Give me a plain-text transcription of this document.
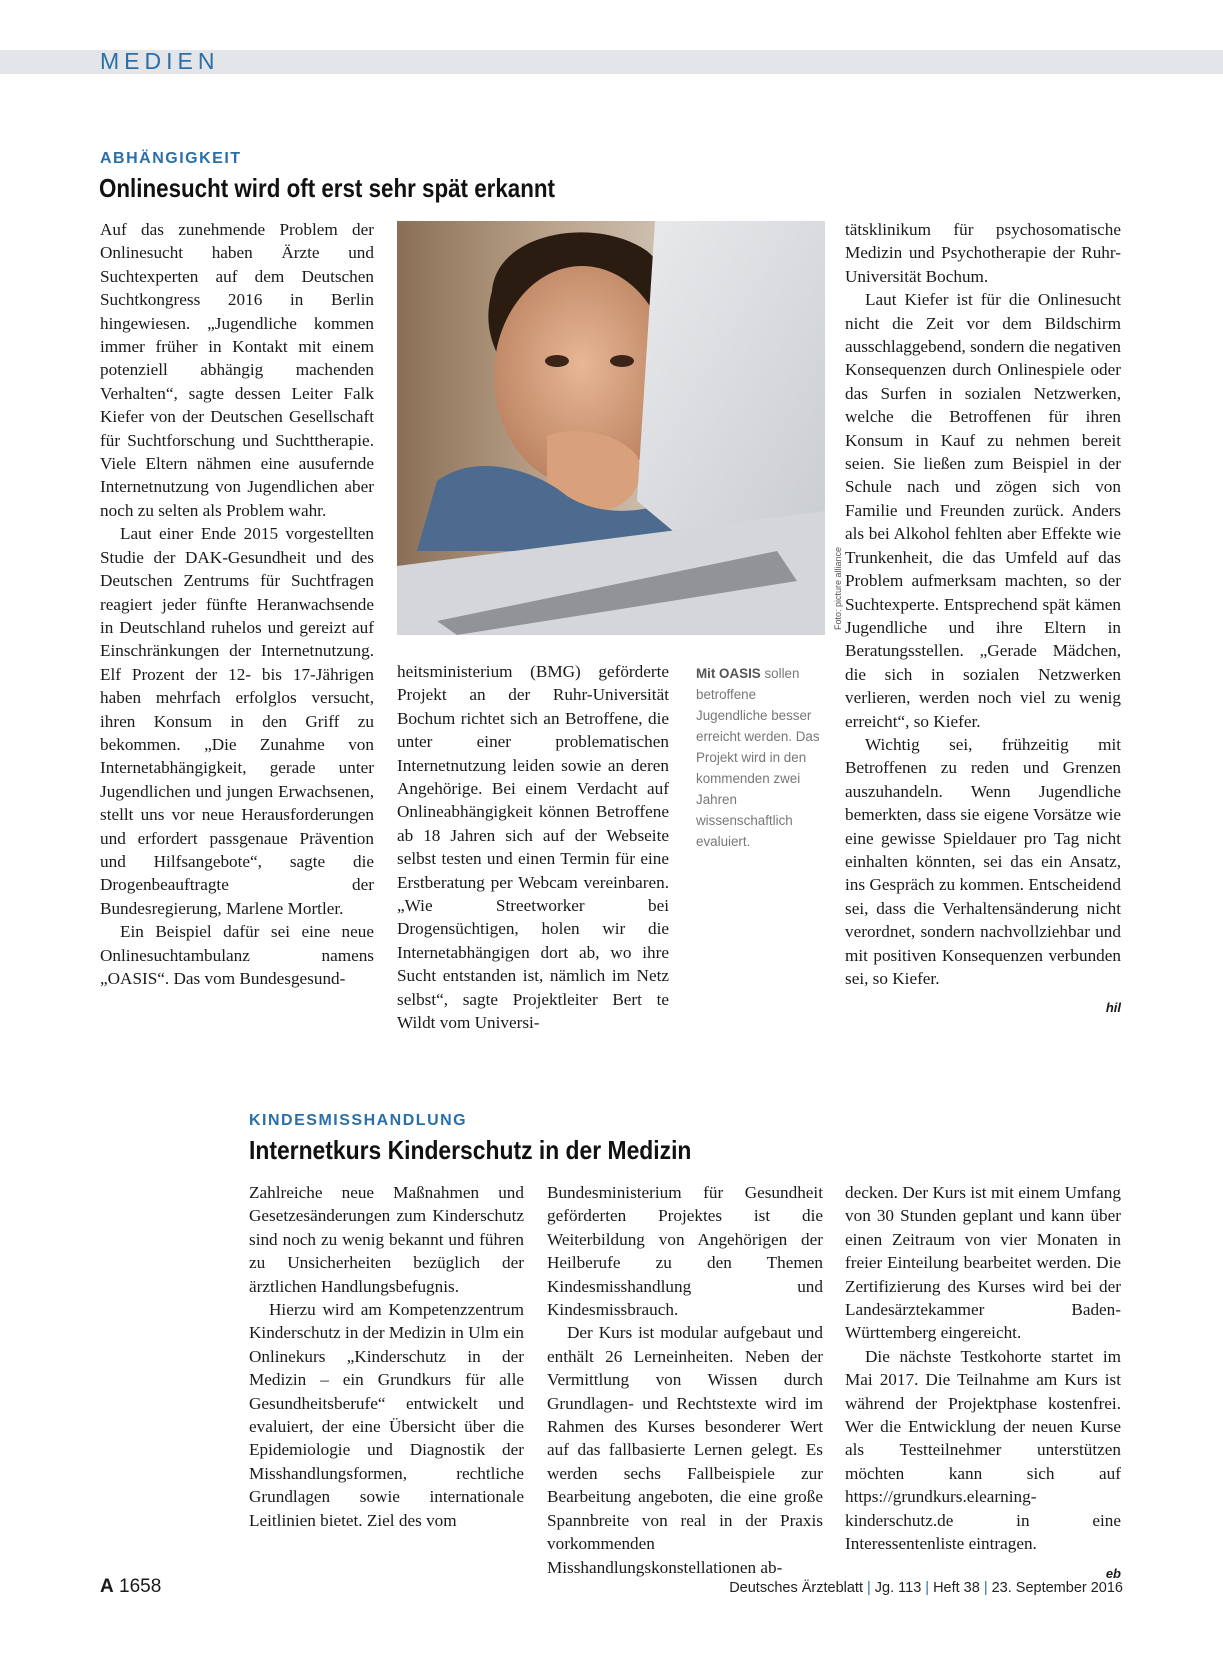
MEDIEN
ABHÄNGIGKEIT
Onlinesucht wird oft erst sehr spät erkannt

Auf das zunehmende Problem der Onlinesucht haben Ärzte und Suchtexperten auf dem Deutschen Suchtkongress 2016 in Berlin hingewiesen. „Jugendliche kommen immer früher in Kontakt mit einem potenziell abhängig machenden Verhalten“, sagte dessen Leiter Falk Kiefer von der Deutschen Gesellschaft für Suchtforschung und Suchttherapie. Viele Eltern nähmen eine ausufernde Internetnutzung von Jugendlichen aber noch zu selten als Problem wahr.

Laut einer Ende 2015 vorgestellten Studie der DAK-Gesundheit und des Deutschen Zentrums für Suchtfragen reagiert jeder fünfte Heranwachsende in Deutschland ruhelos und gereizt auf Einschränkungen der Internetnutzung. Elf Prozent der 12- bis 17-Jährigen haben mehrfach erfolglos versucht, ihren Konsum in den Griff zu bekommen. „Die Zunahme von Internetabhängigkeit, gerade unter Jugendlichen und jungen Erwachsenen, stellt uns vor neue Herausforderungen und erfordert passgenaue Prävention und Hilfsangebote“, sagte die Drogenbeauftragte der Bundesregierung, Marlene Mortler.

Ein Beispiel dafür sei eine neue Onlinesuchtambulanz namens „OASIS“. Das vom Bundesgesund-

Foto: picture alliance

heitsministerium (BMG) geförderte Projekt an der Ruhr-Universität Bochum richtet sich an Betroffene, die unter einer problematischen Internetnutzung leiden sowie an deren Angehörige. Bei einem Verdacht auf Onlineabhängigkeit können Betroffene ab 18 Jahren sich auf der Webseite selbst testen und einen Termin für eine Erstberatung per Webcam vereinbaren. „Wie Streetworker bei Drogensüchtigen, holen wir die Internetabhängigen dort ab, wo ihre Sucht entstanden ist, nämlich im Netz selbst“, sagte Projektleiter Bert te Wildt vom Universi-

Mit OASIS sollen betroffene Jugendliche besser erreicht werden. Das Projekt wird in den kommenden zwei Jahren wissenschaftlich evaluiert.

tätsklinikum für psychosomatische Medizin und Psychotherapie der Ruhr-Universität Bochum.

Laut Kiefer ist für die Onlinesucht nicht die Zeit vor dem Bildschirm ausschlaggebend, sondern die negativen Konsequenzen durch Onlinespiele oder das Surfen in sozialen Netzwerken, welche die Betroffenen für ihren Konsum in Kauf zu nehmen bereit seien. Sie ließen zum Beispiel in der Schule nach und zögen sich von Familie und Freunden zurück. Anders als bei Alkohol fehlten aber Effekte wie Trunkenheit, die das Umfeld auf das Problem aufmerksam machten, so der Suchtexperte. Entsprechend spät kämen Jugendliche und ihre Eltern in Beratungsstellen. „Gerade Mädchen, die sich in sozialen Netzwerken verlieren, werden noch viel zu wenig erreicht“, so Kiefer.

Wichtig sei, frühzeitig mit Betroffenen zu reden und Grenzen auszuhandeln. Wenn Jugendliche bemerkten, dass sie eigene Vorsätze wie eine gewisse Spieldauer pro Tag nicht einhalten könnten, sei das ein Ansatz, ins Gespräch zu kommen. Entscheidend sei, dass die Verhaltensänderung nicht verordnet, sondern nachvollziehbar und mit positiven Konsequenzen verbunden sei, so Kiefer.

hil
KINDESMISSHANDLUNG
Internetkurs Kinderschutz in der Medizin

Zahlreiche neue Maßnahmen und Gesetzesänderungen zum Kinderschutz sind noch zu wenig bekannt und führen zu Unsicherheiten bezüglich der ärztlichen Handlungsbefugnis.

Hierzu wird am Kompetenzzentrum Kinderschutz in der Medizin in Ulm ein Onlinekurs „Kinderschutz in der Medizin – ein Grundkurs für alle Gesundheitsberufe“ entwickelt und evaluiert, der eine Übersicht über die Epidemiologie und Diagnostik der Misshandlungsformen, rechtliche Grundlagen sowie internationale Leitlinien bietet. Ziel des vom

Bundesministerium für Gesundheit geförderten Projektes ist die Weiterbildung von Angehörigen der Heilberufe zu den Themen Kindesmisshandlung und Kindesmissbrauch.

Der Kurs ist modular aufgebaut und enthält 26 Lerneinheiten. Neben der Vermittlung von Wissen durch Grundlagen- und Rechtstexte wird im Rahmen des Kurses besonderer Wert auf das fallbasierte Lernen gelegt. Es werden sechs Fallbeispiele zur Bearbeitung angeboten, die eine große Spannbreite von real in der Praxis vorkommenden Misshandlungskonstellationen ab-

decken. Der Kurs ist mit einem Umfang von 30 Stunden geplant und kann über einen Zeitraum von vier Monaten in freier Einteilung bearbeitet werden. Die Zertifizierung des Kurses wird bei der Landesärztekammer Baden-Württemberg eingereicht.

Die nächste Testkohorte startet im Mai 2017. Die Teilnahme am Kurs ist während der Projektphase kostenfrei. Wer die Entwicklung der neuen Kurse als Testteilnehmer unterstützen möchten kann sich auf https://grundkurs.elearning-kinderschutz.de in eine Interessentenliste eintragen.

eb
A 1658	Deutsches Ärzteblatt | Jg. 113 | Heft 38 | 23. September 2016
